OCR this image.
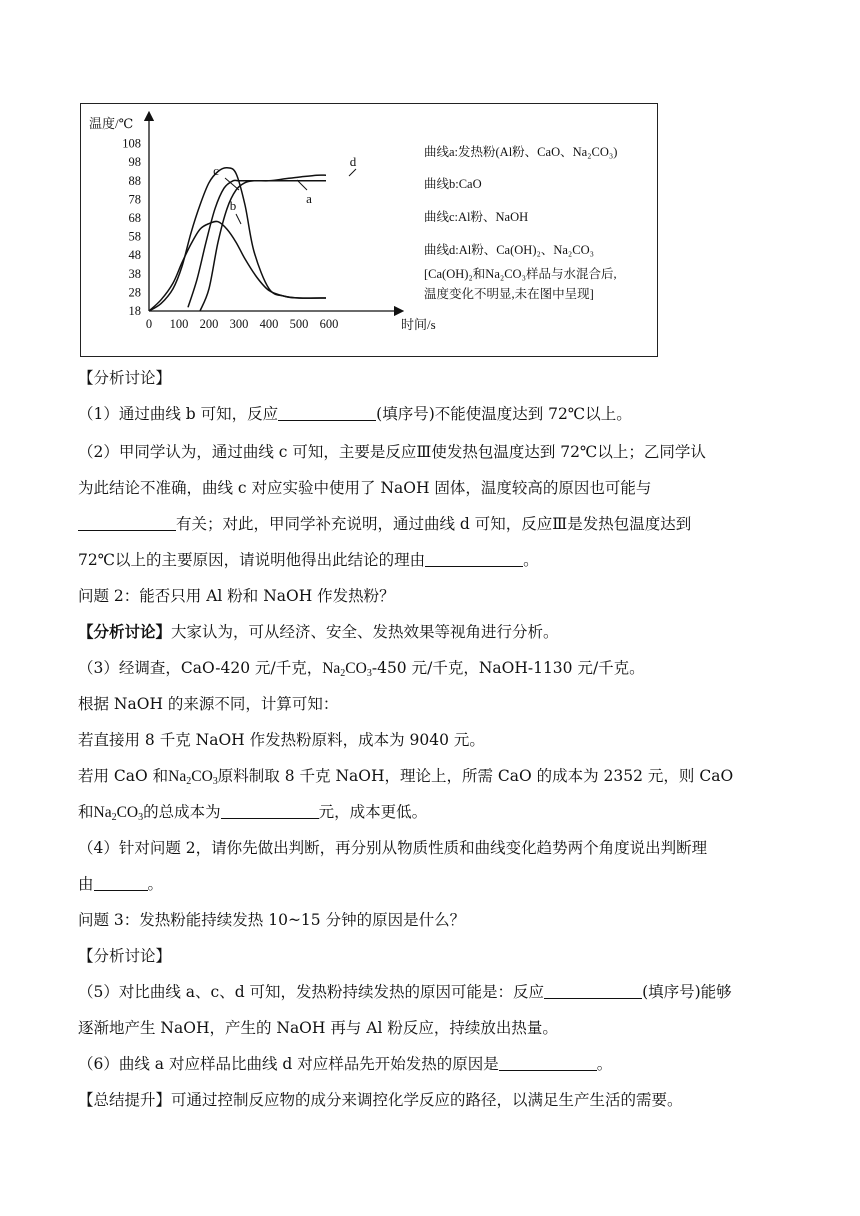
温度/℃
时间/s
18
28
38
48
58
68
78
88
98
108
0 100 200 300 400 500 600
a
b
c
d
曲线a:发热粉(Al粉、CaO、Na₂CO₃)
曲线b:CaO
曲线c:Al粉、NaOH
曲线d:Al粉、Ca(OH)₂、Na₂CO₃
[Ca(OH)₂和Na₂CO₃样品与水混合后,
温度变化不明显,未在图中呈现]
【分析讨论】
（1）通过曲线 b 可知，反应	(填序号)不能使温度达到 72℃以上。
（2）甲同学认为，通过曲线 c 可知，主要是反应Ⅲ使发热包温度达到 72℃以上；乙同学认
为此结论不准确，曲线 c 对应实验中使用了 NaOH 固体，温度较高的原因也可能与
有关；对此，甲同学补充说明，通过曲线 d 可知，反应Ⅲ是发热包温度达到
72℃以上的主要原因，请说明他得出此结论的理由	。
问题 2：能否只用 Al 粉和 NaOH 作发热粉？
【分析讨论】大家认为，可从经济、安全、发热效果等视角进行分析。
（3）经调查，CaO-420 元/千克，$Na_2CO_3-450$ 元/千克，NaOH-1130 元/千克。
根据 NaOH 的来源不同，计算可知：
若直接用 8 千克 NaOH 作发热粉原料，成本为 9040 元。
若用 CaO 和$Na_2CO_3$原料制取 8 千克 NaOH，理论上，所需 CaO 的成本为 2352 元，则 CaO
和$Na_2CO_3$的总成本为	元，成本更低。
（4）针对问题 2，请你先做出判断，再分别从物质性质和曲线变化趋势两个角度说出判断理
由	。
问题 3：发热粉能持续发热 10~15 分钟的原因是什么？
【分析讨论】
（5）对比曲线 a、c、d 可知，发热粉持续发热的原因可能是：反应	(填序号)能够
逐渐地产生 NaOH，产生的 NaOH 再与 Al 粉反应，持续放出热量。
（6）曲线 a 对应样品比曲线 d 对应样品先开始发热的原因是	。
【总结提升】可通过控制反应物的成分来调控化学反应的路径，以满足生产生活的需要。
